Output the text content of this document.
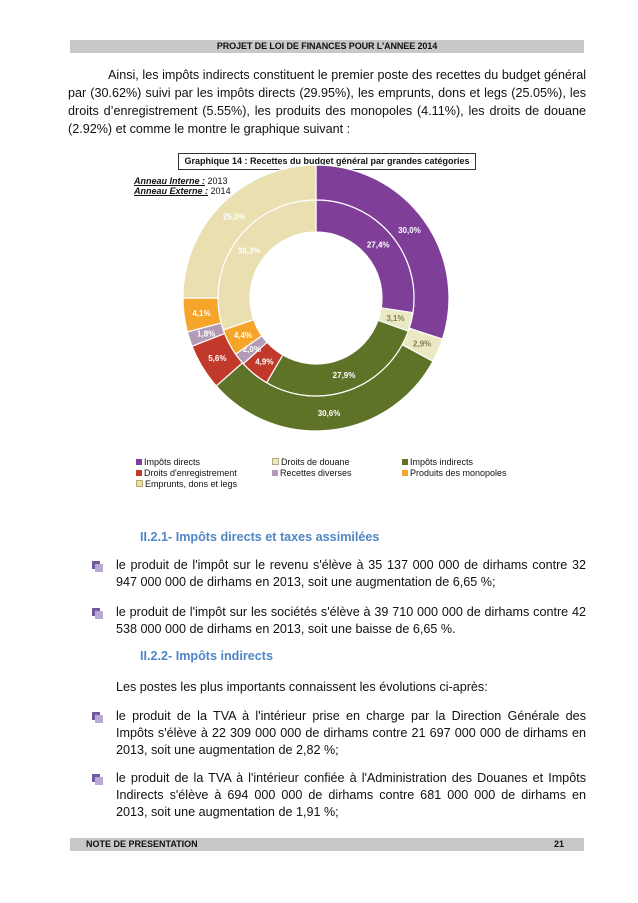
PROJET DE LOI DE FINANCES POUR L’ANNEE 2014

Ainsi, les impôts indirects constituent le premier poste des recettes du budget général par (30.62%) suivi par les impôts directs (29.95%), les emprunts, dons et legs (25.05%), les droits d’enregistrement (5.55%), les produits des monopoles (4.11%), les droits de douane (2.92%) et comme le montre le graphique suivant :

Graphique 14 : Recettes du budget général par grandes catégories
Anneau Interne : 2013
Anneau Externe : 2014
30,0%
2,9%
30,6%
5,6%
1,8%
4,1%
25,0%
27,4%
3,1%
27,9%
4,9%
2,0%
4,4%
30,3%
Impôts directs	Droits de douane	Impôts indirects
Droits d'enregistrement	Recettes diverses	Produits des monopoles
Emprunts, dons et legs

II.2.1- Impôts directs et taxes assimilées

le produit de l'impôt sur le revenu s'élève à 35 137 000 000 de dirhams contre 32 947 000 000 de dirhams en 2013, soit une augmentation de 6,65 %;
le produit de l'impôt sur les sociétés s'élève à 39 710 000 000 de dirhams contre 42 538 000 000 de dirhams en 2013, soit une baisse de 6,65 %.

II.2.2- Impôts indirects

Les postes les plus importants connaissent les évolutions ci-après:

le produit de la TVA à l'intérieur prise en charge par la Direction Générale des Impôts s'élève à 22 309 000 000 de dirhams contre 21 697 000 000 de dirhams en 2013, soit une augmentation de 2,82 %;
le produit de la TVA à l'intérieur confiée à l'Administration des Douanes et Impôts Indirects s'élève à 694 000 000 de dirhams contre 681 000 000 de dirhams en 2013, soit une augmentation de 1,91 %;
NOTE DE PRESENTATION	21
